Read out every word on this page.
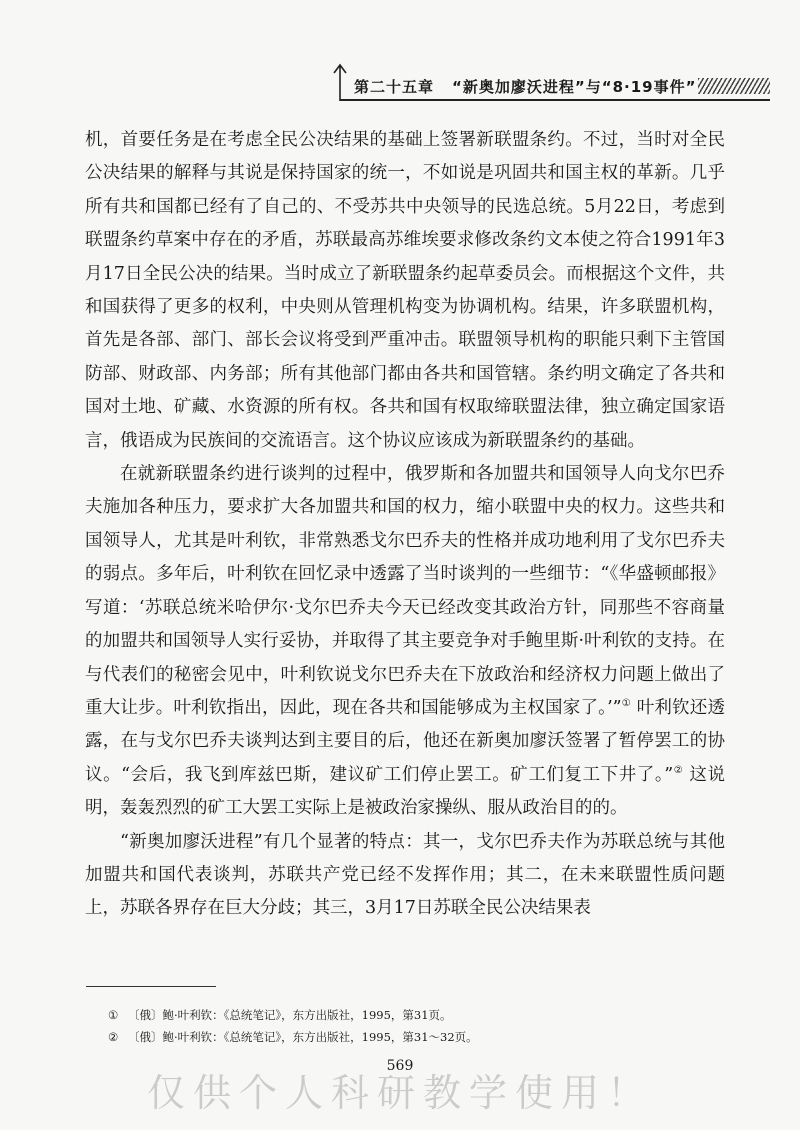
第二十五章 “新奥加廖沃进程”与“8·19事件”

机，首要任务是在考虑全民公决结果的基础上签署新联盟条约。不过，当时对全民公决结果的解释与其说是保持国家的统一，不如说是巩固共和国主权的革新。几乎所有共和国都已经有了自己的、不受苏共中央领导的民选总统。5月22日，考虑到联盟条约草案中存在的矛盾，苏联最高苏维埃要求修改条约文本使之符合1991年3月17日全民公决的结果。当时成立了新联盟条约起草委员会。而根据这个文件，共和国获得了更多的权利，中央则从管理机构变为协调机构。结果，许多联盟机构，首先是各部、部门、部长会议将受到严重冲击。联盟领导机构的职能只剩下主管国防部、财政部、内务部；所有其他部门都由各共和国管辖。条约明文确定了各共和国对土地、矿藏、水资源的所有权。各共和国有权取缔联盟法律，独立确定国家语言，俄语成为民族间的交流语言。这个协议应该成为新联盟条约的基础。

在就新联盟条约进行谈判的过程中，俄罗斯和各加盟共和国领导人向戈尔巴乔夫施加各种压力，要求扩大各加盟共和国的权力，缩小联盟中央的权力。这些共和国领导人，尤其是叶利钦，非常熟悉戈尔巴乔夫的性格并成功地利用了戈尔巴乔夫的弱点。多年后，叶利钦在回忆录中透露了当时谈判的一些细节：“《华盛顿邮报》写道：‘苏联总统米哈伊尔·戈尔巴乔夫今天已经改变其政治方针，同那些不容商量的加盟共和国领导人实行妥协，并取得了其主要竞争对手鲍里斯·叶利钦的支持。在与代表们的秘密会见中，叶利钦说戈尔巴乔夫在下放政治和经济权力问题上做出了重大让步。叶利钦指出，因此，现在各共和国能够成为主权国家了。’”① 叶利钦还透露，在与戈尔巴乔夫谈判达到主要目的后，他还在新奥加廖沃签署了暂停罢工的协议。“会后，我飞到库兹巴斯，建议矿工们停止罢工。矿工们复工下井了。”② 这说明，轰轰烈烈的矿工大罢工实际上是被政治家操纵、服从政治目的的。

“新奥加廖沃进程”有几个显著的特点：其一，戈尔巴乔夫作为苏联总统与其他加盟共和国代表谈判，苏联共产党已经不发挥作用；其二，在未来联盟性质问题上，苏联各界存在巨大分歧；其三，3月17日苏联全民公决结果表

① 〔俄〕鲍·叶利钦：《总统笔记》，东方出版社，1995，第31页。
② 〔俄〕鲍·叶利钦：《总统笔记》，东方出版社，1995，第31～32页。
仅供个人科研教学使用！
569
